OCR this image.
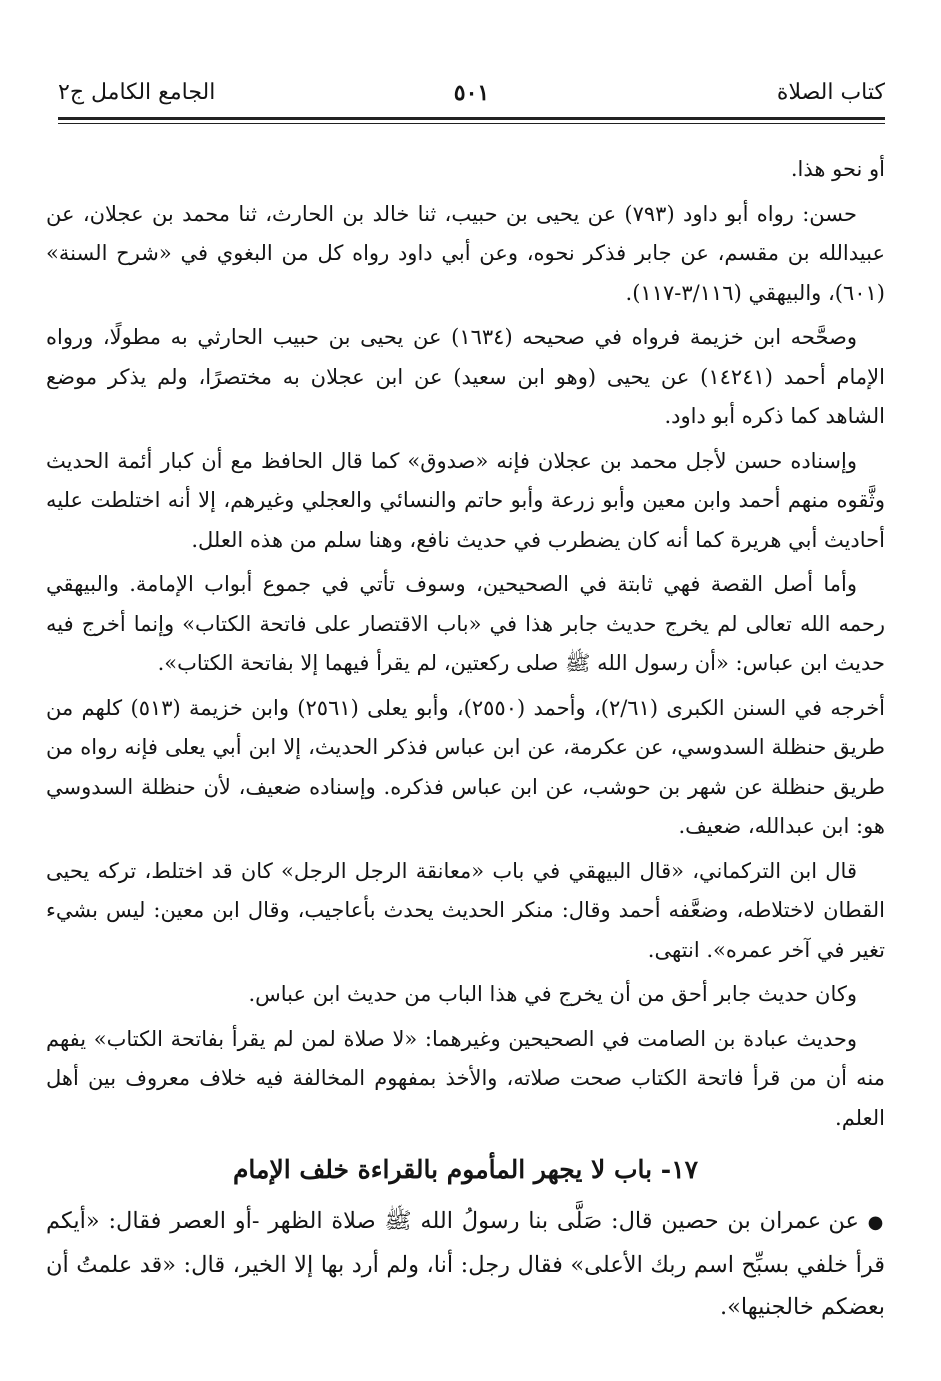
كتاب الصلاة
٥٠١
الجامع الكامل ج٢

أو نحو هذا.

حسن: رواه أبو داود (٧٩٣) عن يحيى بن حبيب، ثنا خالد بن الحارث، ثنا محمد بن عجلان، عن عبيدالله بن مقسم، عن جابر فذكر نحوه، وعن أبي داود رواه كل من البغوي في «شرح السنة» (٦٠١)، والبيهقي (٣/١١٦-١١٧).

وصحَّحه ابن خزيمة فرواه في صحيحه (١٦٣٤) عن يحيى بن حبيب الحارثي به مطولًا، ورواه الإمام أحمد (١٤٢٤١) عن يحيى (وهو ابن سعيد) عن ابن عجلان به مختصرًا، ولم يذكر موضع الشاهد كما ذكره أبو داود.

وإسناده حسن لأجل محمد بن عجلان فإنه «صدوق» كما قال الحافظ مع أن كبار أئمة الحديث وثَّقوه منهم أحمد وابن معين وأبو زرعة وأبو حاتم والنسائي والعجلي وغيرهم، إلا أنه اختلطت عليه أحاديث أبي هريرة كما أنه كان يضطرب في حديث نافع، وهنا سلم من هذه العلل.

وأما أصل القصة فهي ثابتة في الصحيحين، وسوف تأتي في جموع أبواب الإمامة. والبيهقي رحمه الله تعالى لم يخرج حديث جابر هذا في «باب الاقتصار على فاتحة الكتاب» وإنما أخرج فيه حديث ابن عباس: «أن رسول الله ﷺ صلى ركعتين، لم يقرأ فيهما إلا بفاتحة الكتاب».

أخرجه في السنن الكبرى (٢/٦١)، وأحمد (٢٥٥٠)، وأبو يعلى (٢٥٦١) وابن خزيمة (٥١٣) كلهم من طريق حنظلة السدوسي، عن عكرمة، عن ابن عباس فذكر الحديث، إلا ابن أبي يعلى فإنه رواه من طريق حنظلة عن شهر بن حوشب، عن ابن عباس فذكره. وإسناده ضعيف، لأن حنظلة السدوسي هو: ابن عبدالله، ضعيف.

قال ابن التركماني، «قال البيهقي في باب «معانقة الرجل الرجل» كان قد اختلط، تركه يحيى القطان لاختلاطه، وضعَّفه أحمد وقال: منكر الحديث يحدث بأعاجيب، وقال ابن معين: ليس بشيء تغير في آخر عمره». انتهى.

وكان حديث جابر أحق من أن يخرج في هذا الباب من حديث ابن عباس.

وحديث عبادة بن الصامت في الصحيحين وغيرهما: «لا صلاة لمن لم يقرأ بفاتحة الكتاب» يفهم منه أن من قرأ فاتحة الكتاب صحت صلاته، والأخذ بمفهوم المخالفة فيه خلاف معروف بين أهل العلم.

١٧- باب لا يجهر المأموم بالقراءة خلف الإمام

● عن عمران بن حصين قال: صَلَّى بنا رسولُ الله ﷺ صلاة الظهر -أو العصر فقال: «أيكم قرأ خلفي بسبِّح اسم ربك الأعلى» فقال رجل: أنا، ولم أرد بها إلا الخير، قال: «قد علمتُ أن بعضكم خالجنيها».
